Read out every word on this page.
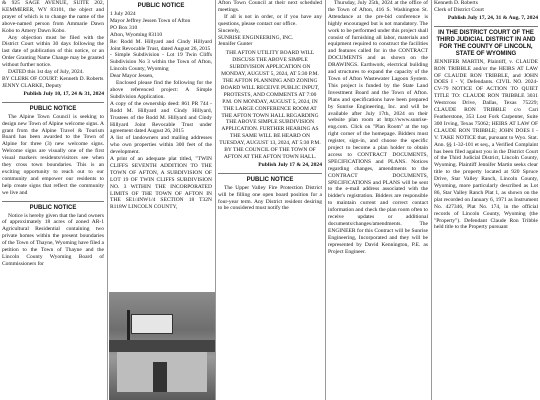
& 925 SAGE AVENUE, SUITE 202, KEMMERER, WY 83101, the object and prayer of which is to change the name of the above-named person from Ammarie Dawn Kobo to Amery Dawn Kobo.

Any objection must be filed with the District Court within 30 days following the last date of publication of this notice, or an Order Granting Name Change may be granted without further notice.

DATED this 1st day of July, 2024.

BY CLERK OF COURT: Kenneth D. Roberts

JENNY CLARKE, Deputy

Publish July 10, 17, 24 & 31, 2024
PUBLIC NOTICE

The Alpine Town Council is seeking to design new Town of Alpine welcome signs. A grant from the Alpine Travel & Tourism Board has been awarded to the Town of Alpine for three (3) new welcome signs. Welcome signs are visually one of the first visual markers residents/visitors see when they cross town boundaries. This is an exciting opportunity to reach out to our community and empower our residents to help create signs that reflect the community we live and

PUBLIC NOTICE

Notice is hereby given that the land owners of approximately 18 acres of zoned AR-1 Agricultural Residential containing two private homes within the present boundaries of the Town of Thayne, Wyoming have filed a petition to the Town of Thayne and the Lincoln County Wyoming Board of Commissioners for

PUBLIC NOTICE

1 July 2024

Mayor Jeffrey Jessen Town of Afton

PO Box 310

Afton, Wyoming 83110

Re: Rodd M. Hillyard and Cindy Hillyard Joint Revocable Trust, dated August 26, 2015

- Simple Subdivision - Lot 19 Twin Cliffs Subdivision No 3 within the Town of Afton, Lincoln County, Wyoming

Dear Mayor Jessen,

Enclosed please find the following for the above referenced project: A Simple Subdivision Application.

A copy of the ownership deed: 861 PR 744 - Rodd M. Hillyard and Cindy Hillyard, Trustees of the Rodd M. Hillyard and Cindy Hillyard Joint Revocable Trust under agreement dated August 26, 2015

A list of landowners and mailing addresses who own properties within 300 feet of the development.

A print of an adequate plat titled, "TWIN CLIFFS SEVENTH ADDITION TO THE TOWN OF AFTON, A SUBDIVISION OF LOT 19 OF TWIN CLIFFS SUBDIVISION NO. 3 WITHIN THE INCORPORATED LIMITS OF THE TOWN OF AFTON IN THE SE1/4NW1/4 SECTION 18 T32N R118W LINCOLN COUNTY,

Afton Town Council at their next scheduled meetings.

If all is not in order, or if you have any questions, please contact our office.

Sincerely,

SUNRISE ENGINEERING, INC.

Jennifer Gunter

THE AFTON UTILITY BOARD WILL DISCUSS THE ABOVE SIMPLE SUBDIVISION APPLICATION ON MONDAY, AUGUST 5, 2024, AT 5:30 P.M. THE AFTON PLANNING AND ZONING BOARD WILL RECEIVE PUBLIC INPUT, PROTESTS, AND COMMENTS AT 7:00 P.M. ON MONDAY, AUGUST 5, 2024, IN THE LARGE CONFERENCE ROOM AT THE AFTON TOWN HALL REGARDING THE ABOVE SIMPLE SUBDIVISION APPLICATION. FURTHER HEARING AS THE SAME WILL BE HEARD ON TUESDAY, AUGUST 13, 2024, AT 5:30 P.M. BY THE COUNCIL OF THE TOWN OF AFTON AT THE AFTON TOWN HALL.

Publish July 17 & 24, 2024
PUBLIC NOTICE

The Upper Valley Fire Protection District will be filling one open board position for a four-year term. Any District resident desiring to be considered must notify the

Thursday, July 25th, 2024 at the office of the Town of Afton, 416 S. Washington St. Attendance at the pre-bid conference is highly encouraged but is not mandatory. The work to be performed under this project shall consist of furnishing all labor, materials and equipment required to construct the facilities and features called for in the CONTRACT DOCUMENTS and as shown on the DRAWINGS. Earthwork, electrical building and structures to expand the capacity of the Town of Afton Wastewater Lagoon System. This project is funded by the State Land Investment Board and the Town of Afton. Plans and specifications have been prepared by Sunrise Engineering, Inc. and will be available after July 17th, 2024 on their website plan room at http://www.sunrise-eng.com. Click on "Plan Room" at the top right corner of the homepage. Bidders must register, sign-in, and choose the specific project to become a plan holder to obtain access to CONTRACT DOCUMENTS, SPECIFICATIONS and PLANS. Notices regarding changes, amendments to the CONTRACT DOCUMENTS, SPECIFICATIONS and PLANS will be sent to the e-mail address associated with the bidder's registration. Bidders are responsible to maintain current and correct contact information and check the plan room often to receive updates or additional documents/changes/amendments. The ENGINEER for this Contract will be Sunrise Engineering, Incorporated and they will be represented by David Kennington, P.E. as Project Engineer.

Kenneth D. Roberts

Clerk of District Court

Publish July 17, 24, 31 & Aug. 7, 2024
IN THE DISTRICT COURT OF THE THIRD JUDICIAL DISTRICT IN AND FOR THE COUNTY OF LINCOLN, STATE OF WYOMING

JENNIFER MARTIN, Plaintiff, v. CLAUDE RON TRIBBLE and/or the HEIRS AT LAW OF CLAUDE RON TRIBBLE, and JOHN DOES I - V, Defendants. CIVIL NO. 2024-CV-79 NOTICE OF ACTION TO QUIET TITLE TO: CLAUDE RON TRIBBLE 3031 Westcross Drive, Dallas, Texas 75229; CLAUDE RON TRIBBLE c/o Cari Featherstone, 353 Lost Fork Carpenter, Suite 300 Irving, Texas 75062; HEIRS AT LAW OF CLAUDE RON TRIBBLE; JOHN DOES I - V. TAKE NOTICE that, pursuant to Wyo. Stat. Ann. §§ 1-32-101 et seq., a Verified Complaint has been filed against you in the District Court of the Third Judicial District, Lincoln County, Wyoming. Plaintiff Jennifer Martin seeks clear title to the property located at 920 Spruce Drive, Star Valley Ranch, Lincoln County, Wyoming, more particularly described as Lot 86, Star Valley Ranch Plat 1, as shown on the plat recorded on January 6, 1971 as Instrument No. 427346, Plat No. 174, in the official records of Lincoln County, Wyoming (the "Property"). Defendant Claude Ron Tribble held title to the Property pursuant
